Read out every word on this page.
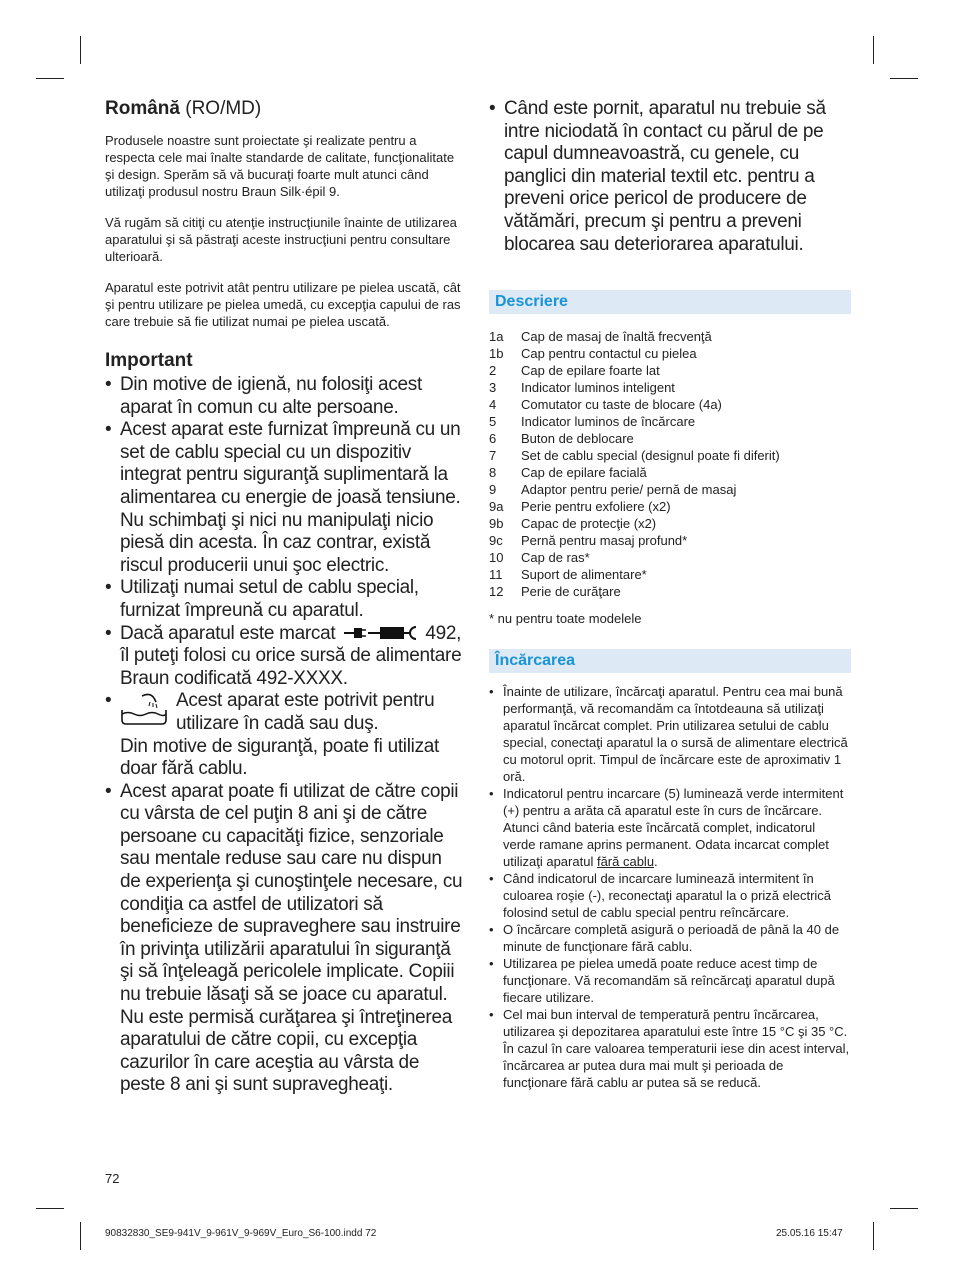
Română (RO/MD)

Produsele noastre sunt proiectate şi realizate pentru a respecta cele mai înalte standarde de calitate, funcţionalitate şi design. Sperăm să vă bucuraţi foarte mult atunci când utilizaţi produsul nostru Braun Silk·épil 9.

Vă rugăm să citiţi cu atenţie instrucţiunile înainte de utilizarea aparatului şi să păstraţi aceste instrucţiuni pentru consultare ulterioară.

Aparatul este potrivit atât pentru utilizare pe pielea uscată, cât şi pentru utilizare pe pielea umedă, cu excepţia capului de ras care trebuie să fie utilizat numai pe pielea uscată.

Important
• Din motive de igienă, nu folosiţi acest aparat în comun cu alte persoane.
• Acest aparat este furnizat împreună cu un set de cablu special cu un dispozitiv integrat pentru siguranţă suplimentară la alimentarea cu energie de joasă tensiune. Nu schimbaţi şi nici nu manipulaţi nicio piesă din acesta. În caz contrar, există riscul producerii unui şoc electric.
• Utilizaţi numai setul de cablu special, furnizat împreună cu aparatul.
• Dacă aparatul este marcat	492, îl puteţi folosi cu orice sursă de alimentare Braun codificată 492-XXXX.
•	Acest aparat este potrivit pentru utilizare în cadă sau duş.
Din motive de siguranţă, poate fi utilizat doar fără cablu.
• Acest aparat poate fi utilizat de către copii cu vârsta de cel puţin 8 ani şi de către persoane cu capacităţi fizice, senzoriale sau mentale reduse sau care nu dispun de experienţa şi cunoştinţele necesare, cu condiţia ca astfel de utilizatori să beneficieze de supraveghere sau instruire în privinţa utilizării aparatului în siguranţă şi să înţeleagă pericolele implicate. Copiii nu trebuie lăsaţi să se joace cu aparatul. Nu este permisă curăţarea şi întreţinerea aparatului de către copii, cu excepţia cazurilor în care aceştia au vârsta de peste 8 ani şi sunt supravegheaţi.
72
• Când este pornit, aparatul nu trebuie să intre niciodată în contact cu părul de pe capul dumneavoastră, cu genele, cu panglici din material textil etc. pentru a preveni orice pericol de producere de vătămări, precum şi pentru a preveni blocarea sau deteriorarea aparatului.
Descriere
1a	Cap de masaj de înaltă frecvenţă
1b	Cap pentru contactul cu pielea
2	Cap de epilare foarte lat
3	Indicator luminos inteligent
4	Comutator cu taste de blocare (4a)
5	Indicator luminos de încărcare
6	Buton de deblocare
7	Set de cablu special (designul poate fi diferit)
8	Cap de epilare facială
9	Adaptor pentru perie/ pernă de masaj
9a	Perie pentru exfoliere (x2)
9b	Capac de protecţie (x2)
9c	Pernă pentru masaj profund*
10	Cap de ras*
11	Suport de alimentare*
12	Perie de curăţare
* nu pentru toate modelele
Încărcarea
• Înainte de utilizare, încărcaţi aparatul. Pentru cea mai bună performanţă, vă recomandăm ca întotdeauna să utilizaţi aparatul încărcat complet. Prin utilizarea setului de cablu special, conectaţi aparatul la o sursă de alimentare electrică cu motorul oprit. Timpul de încărcare este de aproximativ 1 oră.
• Indicatorul pentru incarcare (5) luminează verde intermitent (+) pentru a arăta că aparatul este în curs de încărcare. Atunci când bateria este încărcată complet, indicatorul verde ramane aprins permanent. Odata incarcat complet utilizaţi aparatul fără cablu.
• Când indicatorul de incarcare luminează intermitent în culoarea roşie (-), reconectaţi aparatul la o priză electrică folosind setul de cablu special pentru reîncărcare.
• O încărcare completă asigură o perioadă de până la 40 de minute de funcţionare fără cablu.
• Utilizarea pe pielea umedă poate reduce acest timp de funcţionare. Vă recomandăm să reîncărcaţi aparatul după fiecare utilizare.
• Cel mai bun interval de temperatură pentru încărcarea, utilizarea şi depozitarea aparatului este între 15 °C şi 35 °C. În cazul în care valoarea temperaturii iese din acest interval, încărcarea ar putea dura mai mult şi perioada de funcţionare fără cablu ar putea să se reducă.
90832830_SE9-941V_9-961V_9-969V_Euro_S6-100.indd 72	25.05.16 15:47
